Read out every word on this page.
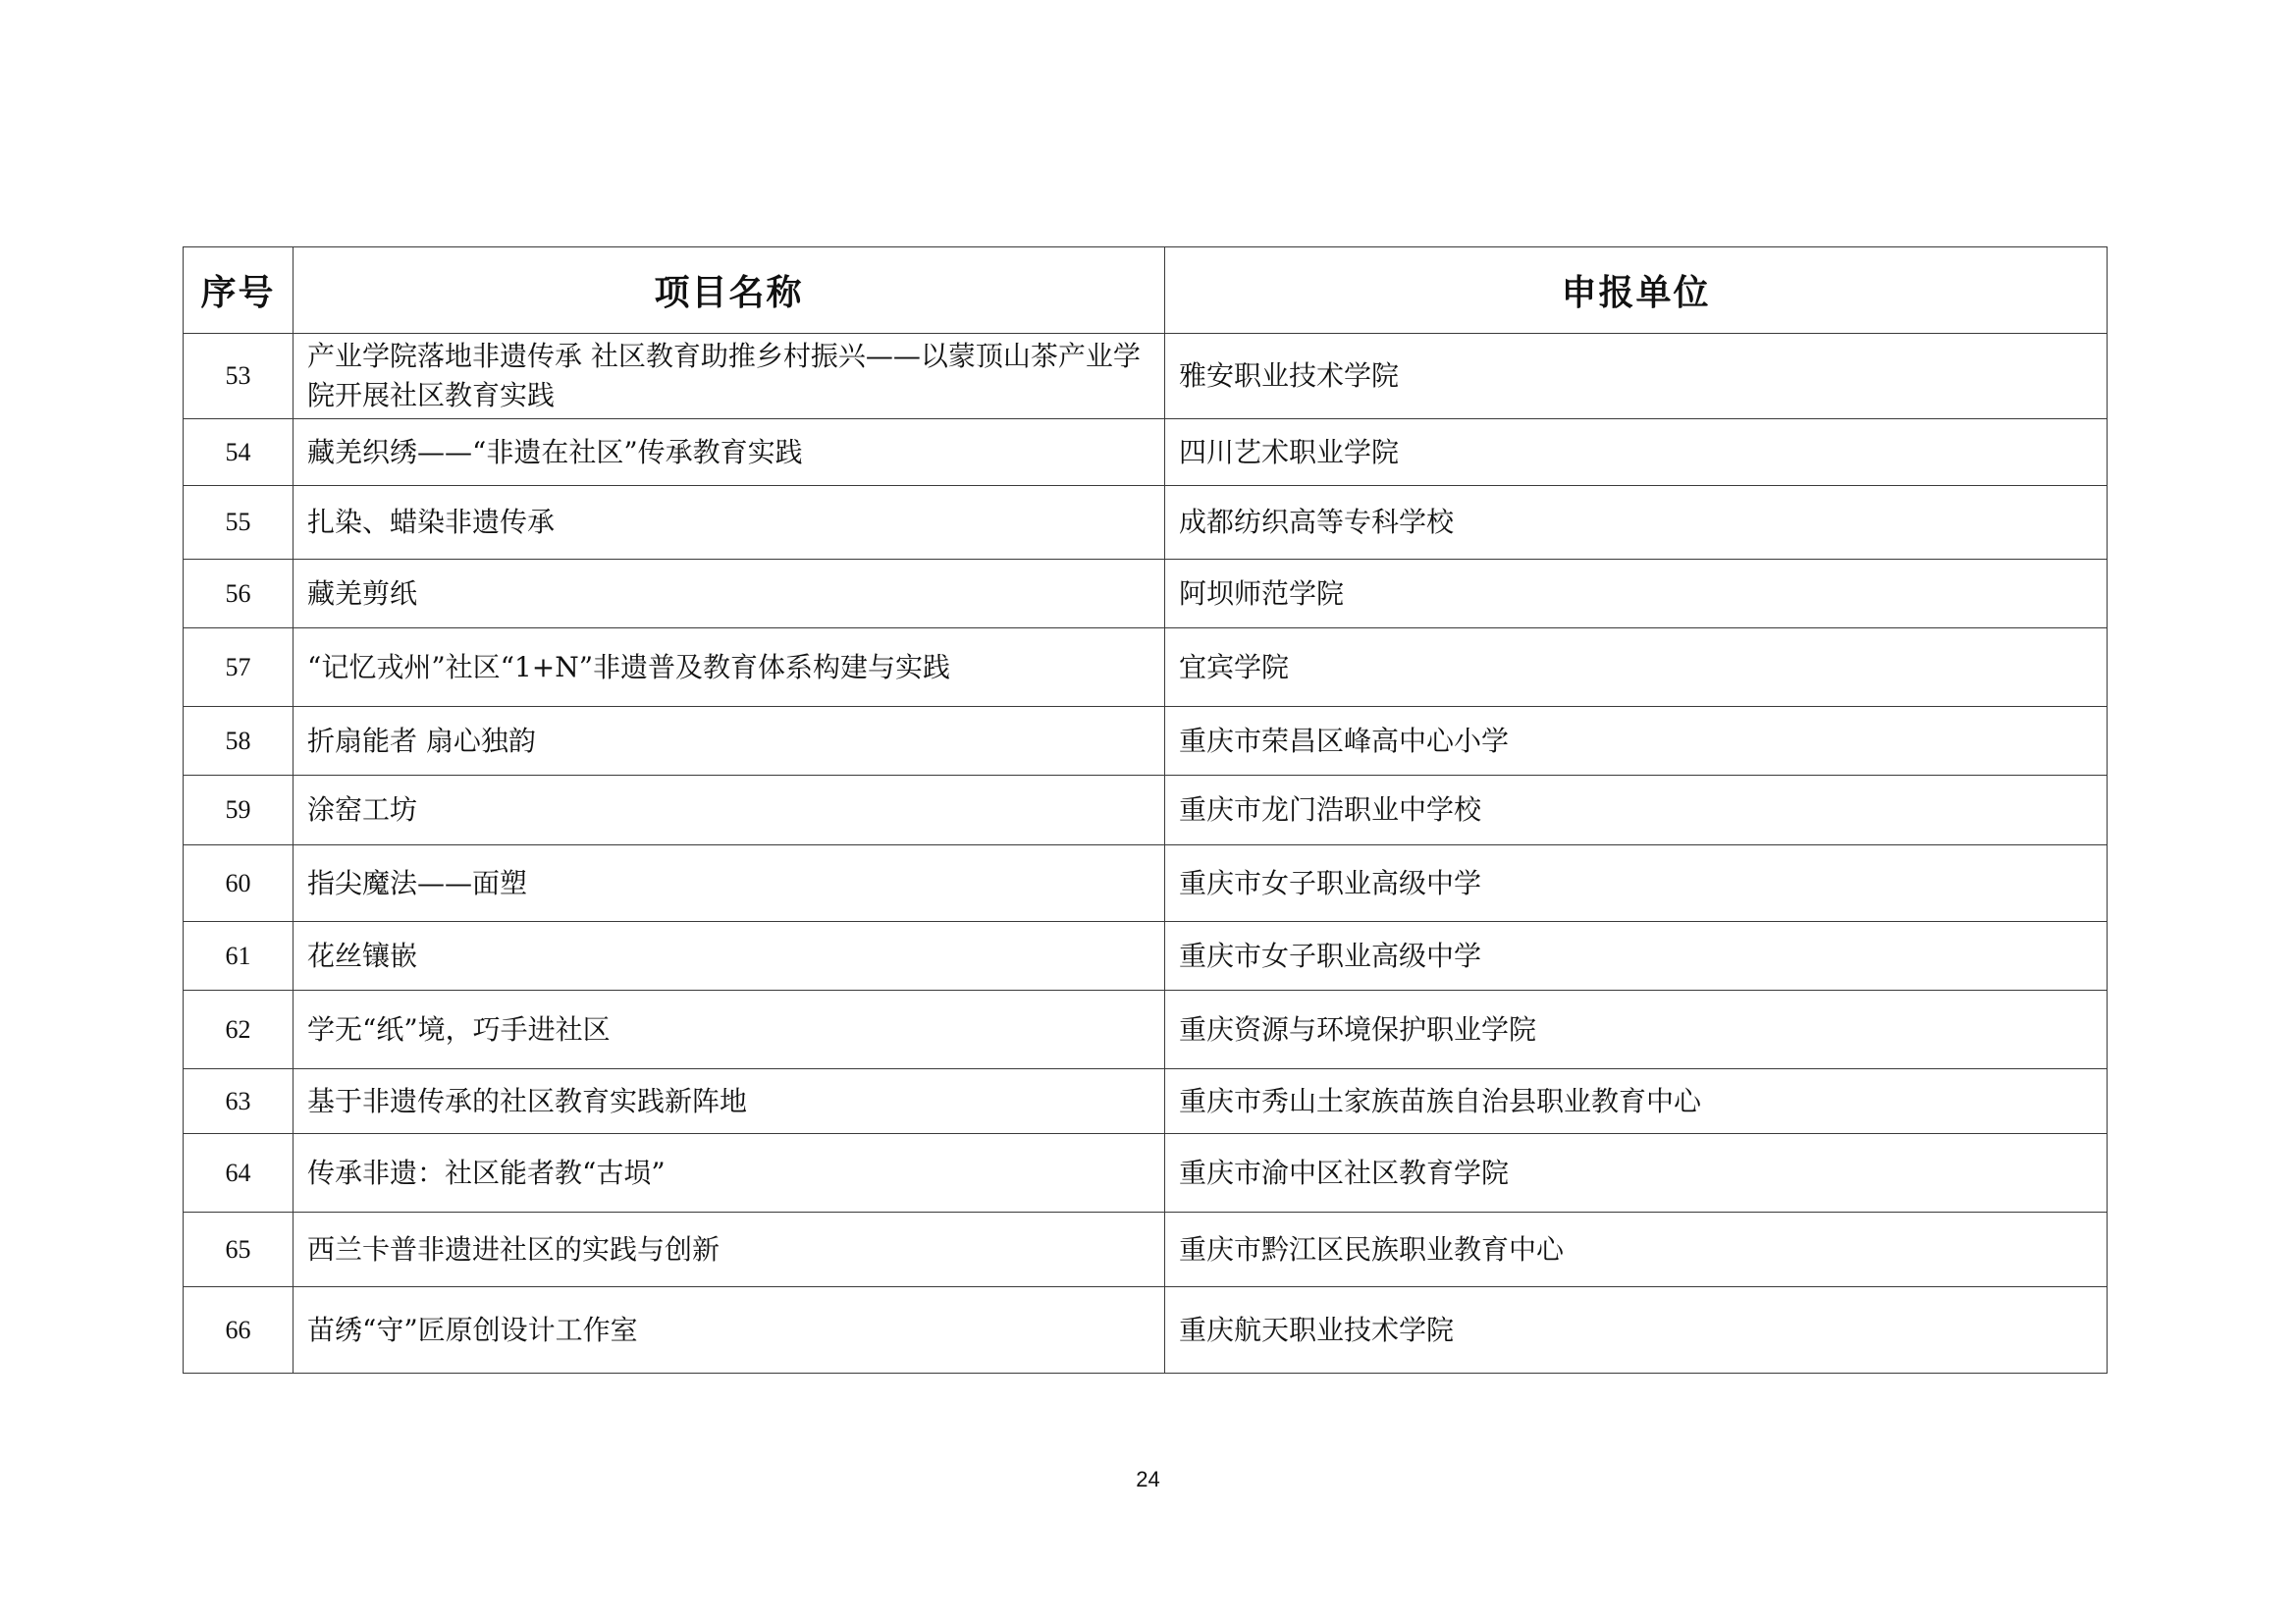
序号	项目名称	申报单位
53	产业学院落地非遗传承 社区教育助推乡村振兴——以蒙顶山茶产业学院开展社区教育实践	雅安职业技术学院
54	藏羌织绣——“非遗在社区”传承教育实践	四川艺术职业学院
55	扎染、蜡染非遗传承	成都纺织高等专科学校
56	藏羌剪纸	阿坝师范学院
57	“记忆戎州”社区“1+N”非遗普及教育体系构建与实践	宜宾学院
58	折扇能者 扇心独韵	重庆市荣昌区峰高中心小学
59	涂窑工坊	重庆市龙门浩职业中学校
60	指尖魔法——面塑	重庆市女子职业高级中学
61	花丝镶嵌	重庆市女子职业高级中学
62	学无“纸”境，巧手进社区	重庆资源与环境保护职业学院
63	基于非遗传承的社区教育实践新阵地	重庆市秀山土家族苗族自治县职业教育中心
64	传承非遗：社区能者教“古埙”	重庆市渝中区社区教育学院
65	西兰卡普非遗进社区的实践与创新	重庆市黔江区民族职业教育中心
66	苗绣“守”匠原创设计工作室	重庆航天职业技术学院
24
